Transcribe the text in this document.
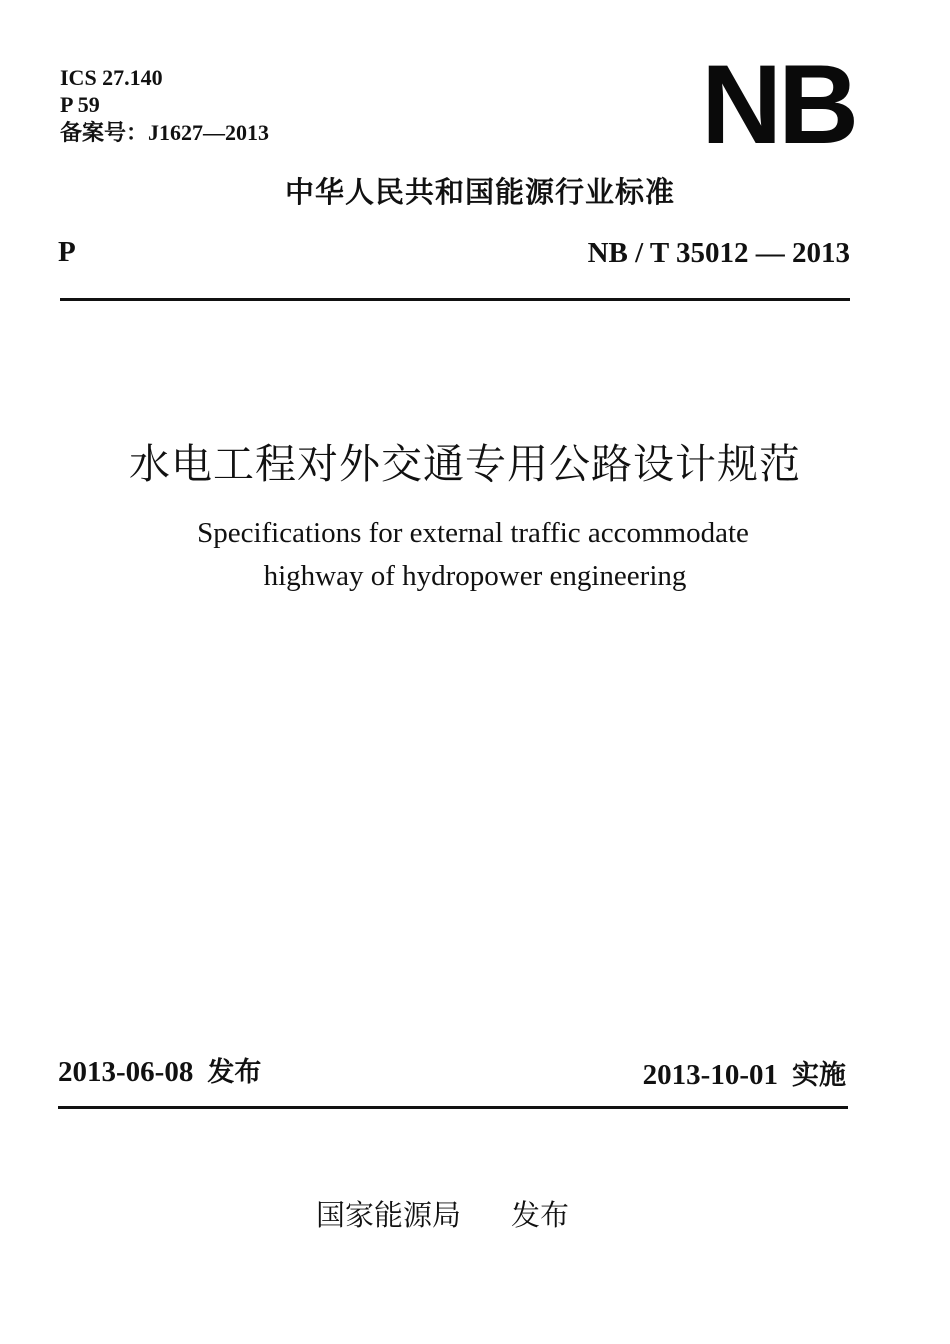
ICS 27.140
P 59
备案号：J1627—2013	NB
中华人民共和国能源行业标准
P	NB / T 35012 — 2013
水电工程对外交通专用公路设计规范
Specifications for external traffic accommodate
highway of hydropower engineering
2013-06-08 发布	2013-10-01 实施
国家能源局 发布
